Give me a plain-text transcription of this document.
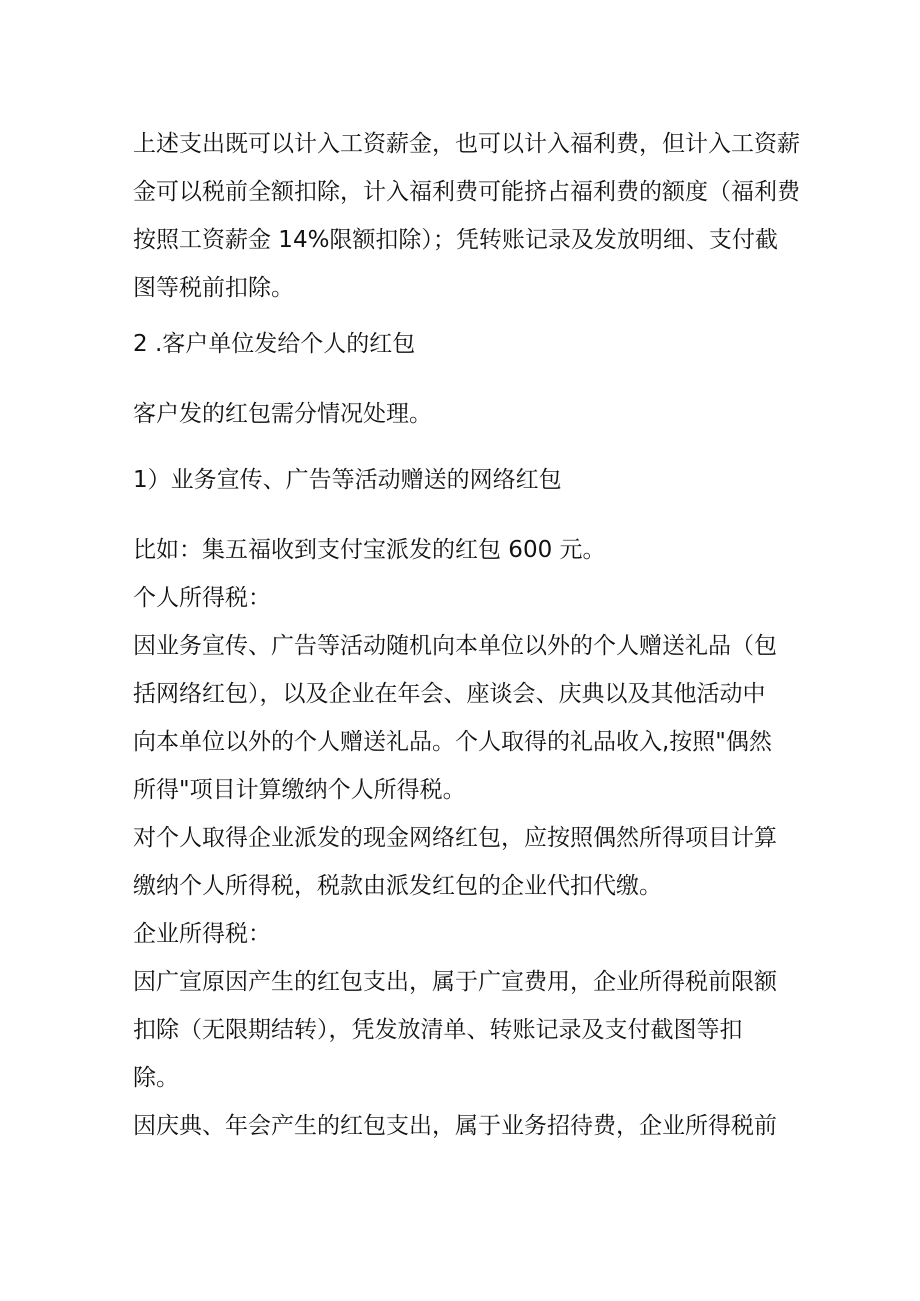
上述支出既可以计入工资薪金，也可以计入福利费，但计入工资薪
金可以税前全额扣除，计入福利费可能挤占福利费的额度（福利费
按照工资薪金 14%限额扣除）；凭转账记录及发放明细、支付截
图等税前扣除。
2 .客户单位发给个人的红包
客户发的红包需分情况处理。
1）业务宣传、广告等活动赠送的网络红包
比如：集五福收到支付宝派发的红包 600 元。
个人所得税：
因业务宣传、广告等活动随机向本单位以外的个人赠送礼品（包
括网络红包），以及企业在年会、座谈会、庆典以及其他活动中
向本单位以外的个人赠送礼品。个人取得的礼品收入,按照"偶然
所得"项目计算缴纳个人所得税。
对个人取得企业派发的现金网络红包，应按照偶然所得项目计算
缴纳个人所得税，税款由派发红包的企业代扣代缴。
企业所得税：
因广宣原因产生的红包支出，属于广宣费用，企业所得税前限额
扣除（无限期结转），凭发放清单、转账记录及支付截图等扣
除。
因庆典、年会产生的红包支出，属于业务招待费，企业所得税前
